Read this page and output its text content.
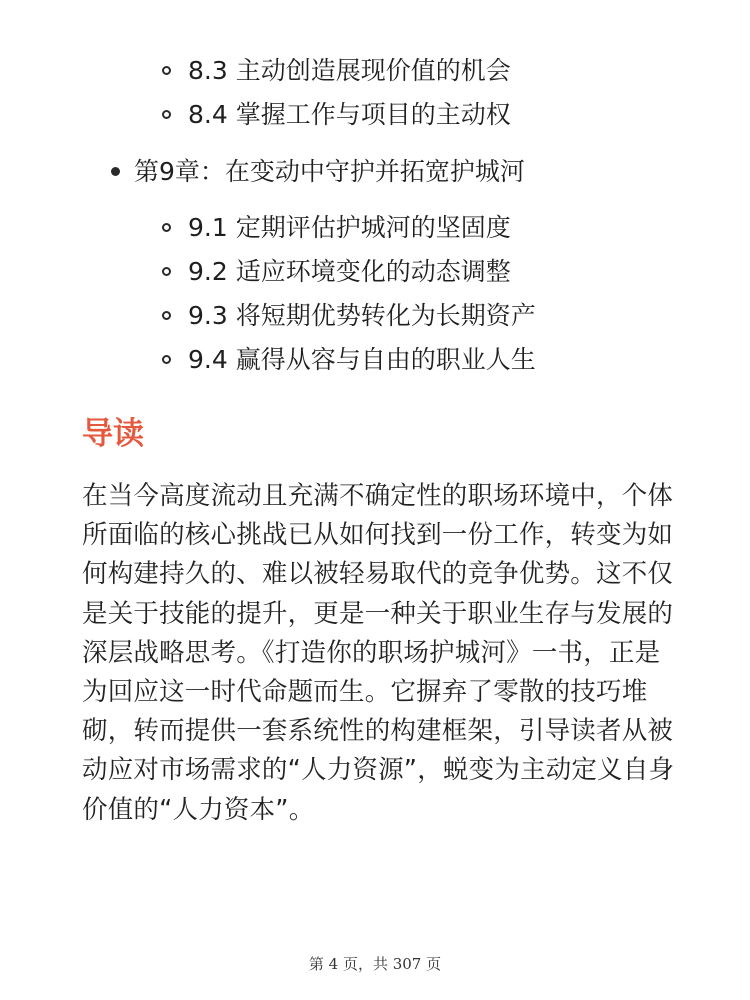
8.3 主动创造展现价值的机会
8.4 掌握工作与项目的主动权
第9章：在变动中守护并拓宽护城河
9.1 定期评估护城河的坚固度
9.2 适应环境变化的动态调整
9.3 将短期优势转化为长期资产
9.4 赢得从容与自由的职业人生
导读
在当今高度流动且充满不确定性的职场环境中，个体所面临的核心挑战已从如何找到一份工作，转变为如何构建持久的、难以被轻易取代的竞争优势。这不仅是关于技能的提升，更是一种关于职业生存与发展的深层战略思考。《打造你的职场护城河》一书，正是为回应这一时代命题而生。它摒弃了零散的技巧堆砌，转而提供一套系统性的构建框架，引导读者从被动应对市场需求的“人力资源”，蜕变为主动定义自身价值的“人力资本”。
第 4 页，共 307 页
